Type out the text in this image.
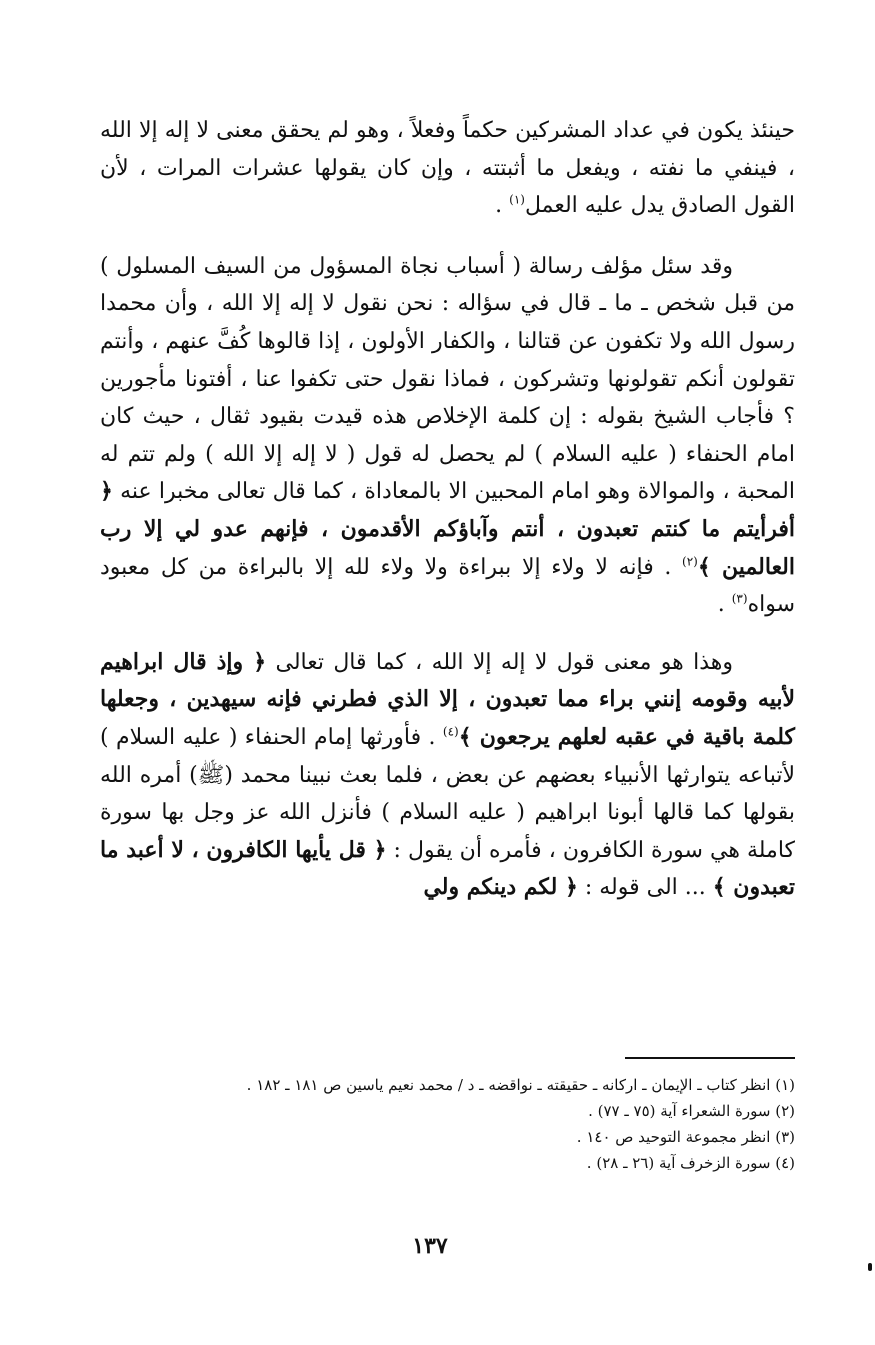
حينئذ يكون في عداد المشركين حكماً وفعلاً ، وهو لم يحقق معنى لا إله إلا الله ، فينفي ما نفته ، ويفعل ما أثبتته ، وإن كان يقولها عشرات المرات ، لأن القول الصادق يدل عليه العمل$^{(١)}$ .

وقد سئل مؤلف رسالة ( أسباب نجاة المسؤول من السيف المسلول ) من قبل شخص ـ ما ـ قال في سؤاله : نحن نقول لا إله إلا الله ، وأن محمدا رسول الله ولا تكفون عن قتالنا ، والكفار الأولون ، إذا قالوها كُفَّ عنهم ، وأنتم تقولون أنكم تقولونها وتشركون ، فماذا نقول حتى تكفوا عنا ، أفتونا مأجورين ؟ فأجاب الشيخ بقوله : إن كلمة الإخلاص هذه قيدت بقيود ثقال ، حيث كان امام الحنفاء ( عليه السلام ) لم يحصل له قول ( لا إله إلا الله ) ولم تتم له المحبة ، والموالاة وهو امام المحبين الا بالمعاداة ، كما قال تعالى مخبرا عنه ﴿ أفرأيتم ما كنتم تعبدون ، أنتم وآباؤكم الأقدمون ، فإنهم عدو لي إلا رب العالمين ﴾$^{(٢)}$ . فإنه لا ولاء إلا ببراءة ولا ولاء لله إلا بالبراءة من كل معبود سواه$^{(٣)}$ .

وهذا هو معنى قول لا إله إلا الله ، كما قال تعالى ﴿ وإذ قال ابراهيم لأبيه وقومه إنني براء مما تعبدون ، إلا الذي فطرني فإنه سيهدين ، وجعلها كلمة باقية في عقبه لعلهم يرجعون ﴾$^{(٤)}$ . فأورثها إمام الحنفاء ( عليه السلام ) لأتباعه يتوارثها الأنبياء بعضهم عن بعض ، فلما بعث نبينا محمد (ﷺ) أمره الله بقولها كما قالها أبونا ابراهيم ( عليه السلام ) فأنزل الله عز وجل بها سورة كاملة هي سورة الكافرون ، فأمره أن يقول : ﴿ قل يأيها الكافرون ، لا أعبد ما تعبدون ﴾ ... الى قوله : ﴿ لكم دينكم ولي

(١) انظر كتاب ـ الإيمان ـ اركانه ـ حقيقته ـ نواقضه ـ د / محمد نعيم ياسين ص ١٨١ ـ ١٨٢ .

(٢) سورة الشعراء آية (٧٥ ـ ٧٧) .

(٣) انظر مجموعة التوحيد ص ١٤٠ .

(٤) سورة الزخرف آية (٢٦ ـ ٢٨) .

١٣٧
